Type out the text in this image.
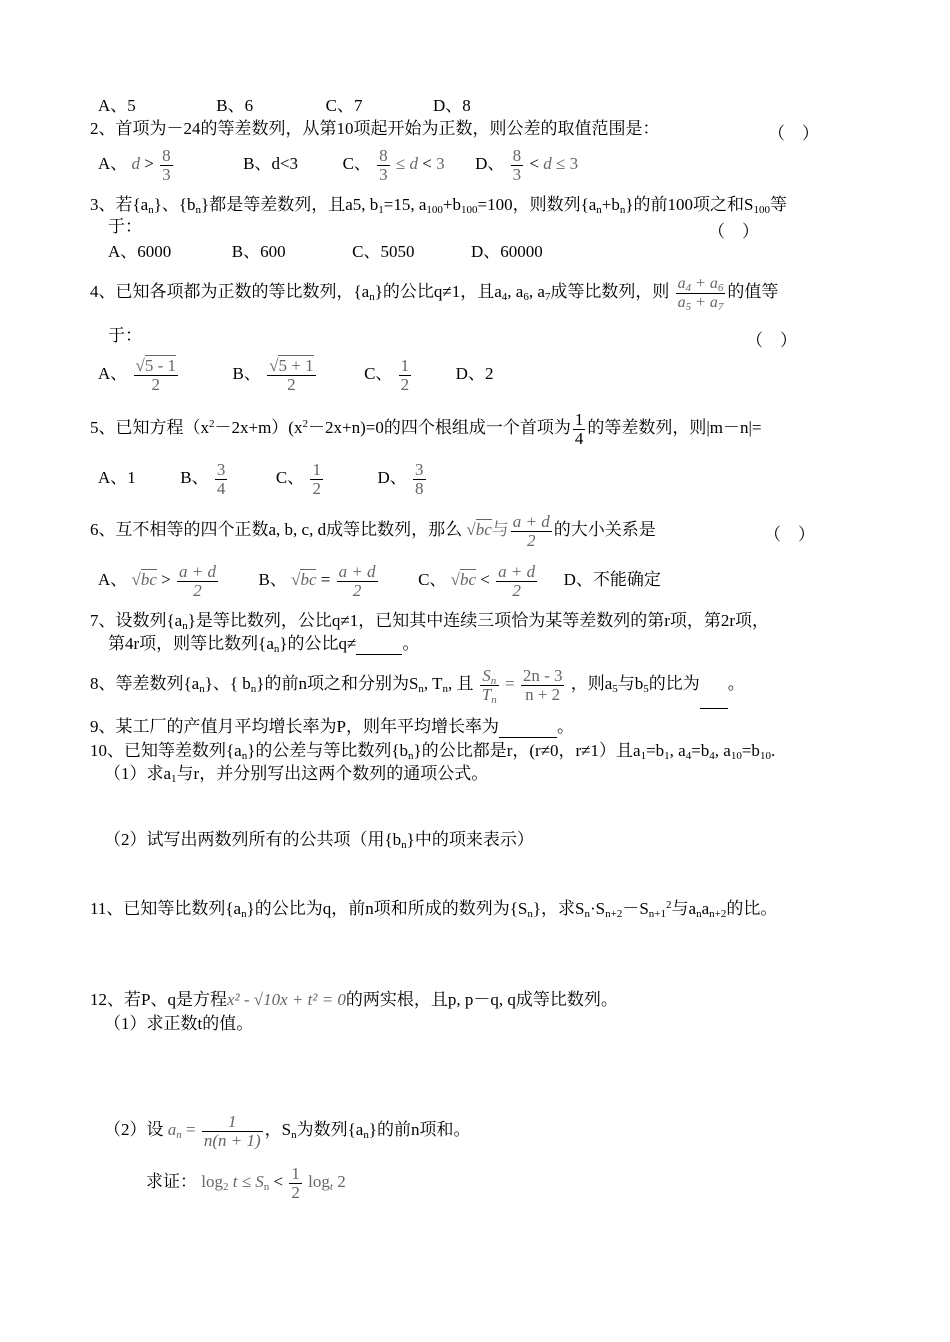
A、5	B、6	C、7	D、8
2、首项为－24的等差数列，从第10项起开始为正数，则公差的取值范围是：	（　）
A、 $d > \frac{8}{3}$	B、d<3	C、 $\frac{8}{3} \le d < 3$ D、 $\frac{8}{3} < d \le 3$
3、若$\{a_n\}$、$\{b_n\}$都是等差数列，且a5, $b_1=15$, $a_{100}+b_{100}=100$，则数列$\{a_n+b_n\}$的前100项之和$S_{100}$等
于：	（　）
A、6000	B、600	C、5050	D、60000
4、已知各项都为正数的等比数列，$\{a_n\}$的公比q≠1，且$a_4$, $a_6$, $a_7$成等比数列，则 $\frac{a_4 + a_6}{a_5 + a_7}$ 的值等
于：	（　）
A、 $\frac{√5 - 1}{2}$	B、 $\frac{√5 + 1}{2}$	C、 $\frac{1}{2}$	D、2
5、已知方程$(x^2-2x+m)(x^2-2x+n)=0$的四个根组成一个首项为 $\frac{1}{4}$ 的等差数列，则|m－n|=
A、1	B、 $\frac{3}{4}$	C、 $\frac{1}{2}$	D、 $\frac{3}{8}$
6、互不相等的四个正数a, b, c, d成等比数列，那么 √bc与 $\frac{a + d}{2}$ 的大小关系是	（　）
A、 $√bc > \frac{a + d}{2}$ B、 $√bc = \frac{a + d}{2}$ C、 $√bc < \frac{a + d}{2}$ D、不能确定
7、设数列$\{a_n\}$是等比数列，公比q≠1，已知其中连续三项恰为某等差数列的第r项，第2r项，
第4r项，则等比数列$\{a_n\}$的公比q≠	。
8、等差数列$\{a_n\}$、{ $b_n$}的前n项之和分别为$S_n$, $T_n$, 且 $\frac{S_n}{T_n} = \frac{2n - 3}{n + 2}$ ，则$a_5$与$b_5$的比为 。
9、某工厂的产值月平均增长率为P，则年平均增长率为	。
10、已知等差数列$\{a_n\}$的公差与等比数列$\{b_n\}$的公比都是r，(r≠0，r≠1）且$a_1=b_1$, $a_4=b_4$, $a_{10}=b_{10}$.
（1）求$a_1$与r，并分别写出这两个数列的通项公式。
（2）试写出两数列所有的公共项（用$\{b_n\}$中的项来表示）
11、已知等比数列$\{a_n\}$的公比为q，前n项和所成的数列为$\{S_n\}$，求$S_n\cdot S_{n+2}-S_{n+1}^2$与$a_na_{n+2}$的比。
12、若P、q是方程x² - √10x + t² = 0的两实根，且p, p－q, q成等比数列。
（1）求正数t的值。
（2）设 $a_n = \frac{1}{n(n + 1)}$ ，$S_n$为数列$\{a_n\}$的前n项和。
求证： $\log_2 t \le S_n < \frac{1}{2} \log_t 2$
